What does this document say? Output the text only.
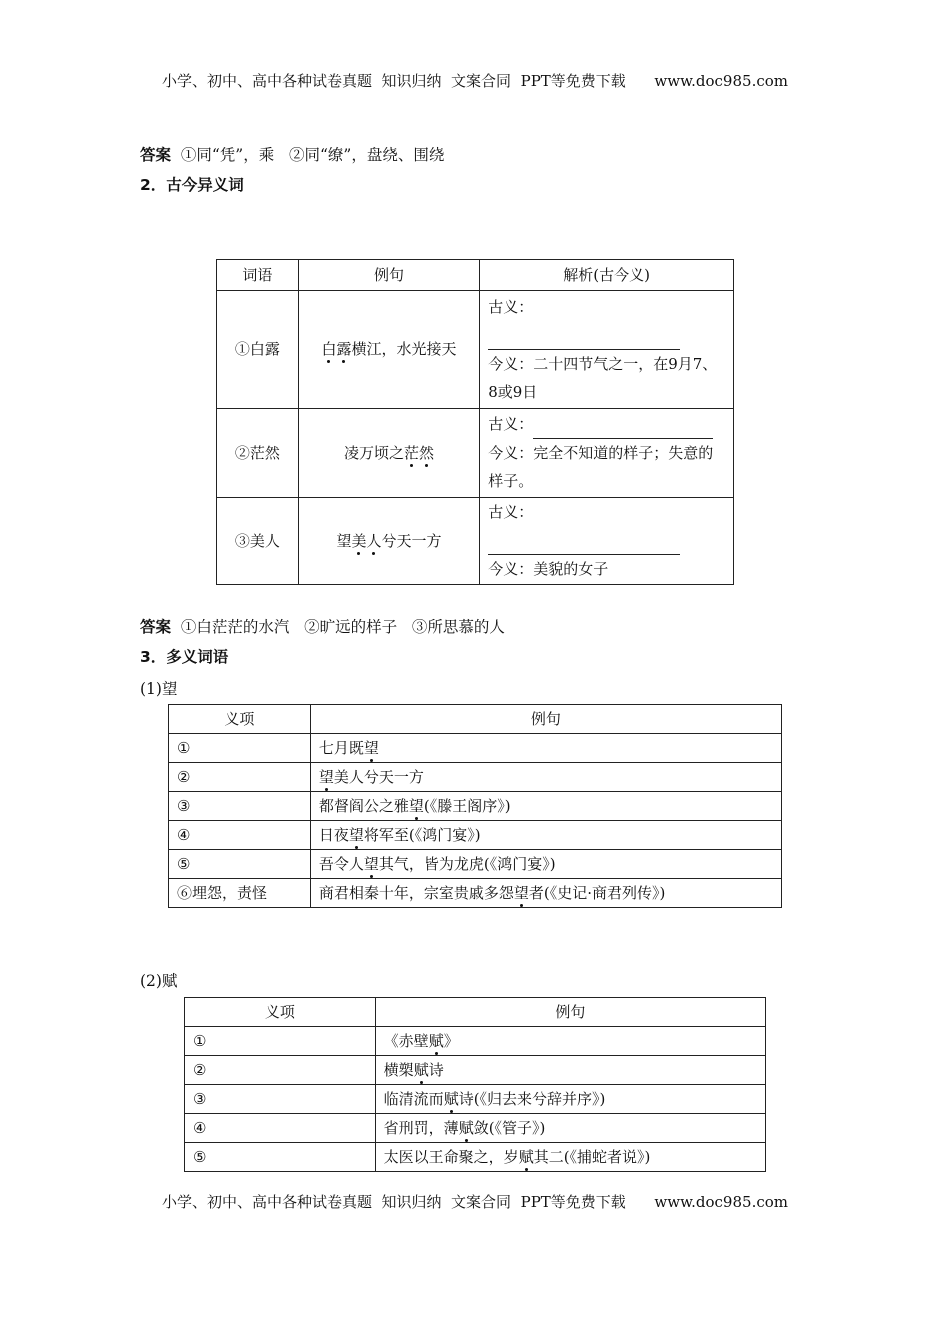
小学、初中、高中各种试卷真题  知识归纳  文案合同  PPT等免费下载      www.doc985.com
答案  ①同“凭”，乘   ②同“缭”，盘绕、围绕
2．古今异义词
词语	例句	解析(古今义)
①白露	白露横江，水光接天	古义：
今义：二十四节气之一，在9月7、8或9日

②茫然	凌万顷之茫然	古义：
今义：完全不知道的样子；失意的样子。

③美人	望美人兮天一方	古义：
今义：美貌的女子
答案  ①白茫茫的水汽   ②旷远的样子   ③所思慕的人
3．多义词语
(1)望
义项	例句
①	七月既望
②	望美人兮天一方
③	都督阎公之雅望(《滕王阁序》)
④	日夜望将军至(《鸿门宴》)
⑤	吾令人望其气，皆为龙虎(《鸿门宴》)
⑥埋怨，责怪	商君相秦十年，宗室贵戚多怨望者(《史记·商君列传》)
(2)赋
义项	例句
①	《赤壁赋》
②	横槊赋诗
③	临清流而赋诗(《归去来兮辞并序》)
④	省刑罚，薄赋敛(《管子》)
⑤	太医以王命聚之，岁赋其二(《捕蛇者说》)
小学、初中、高中各种试卷真题  知识归纳  文案合同  PPT等免费下载      www.doc985.com
